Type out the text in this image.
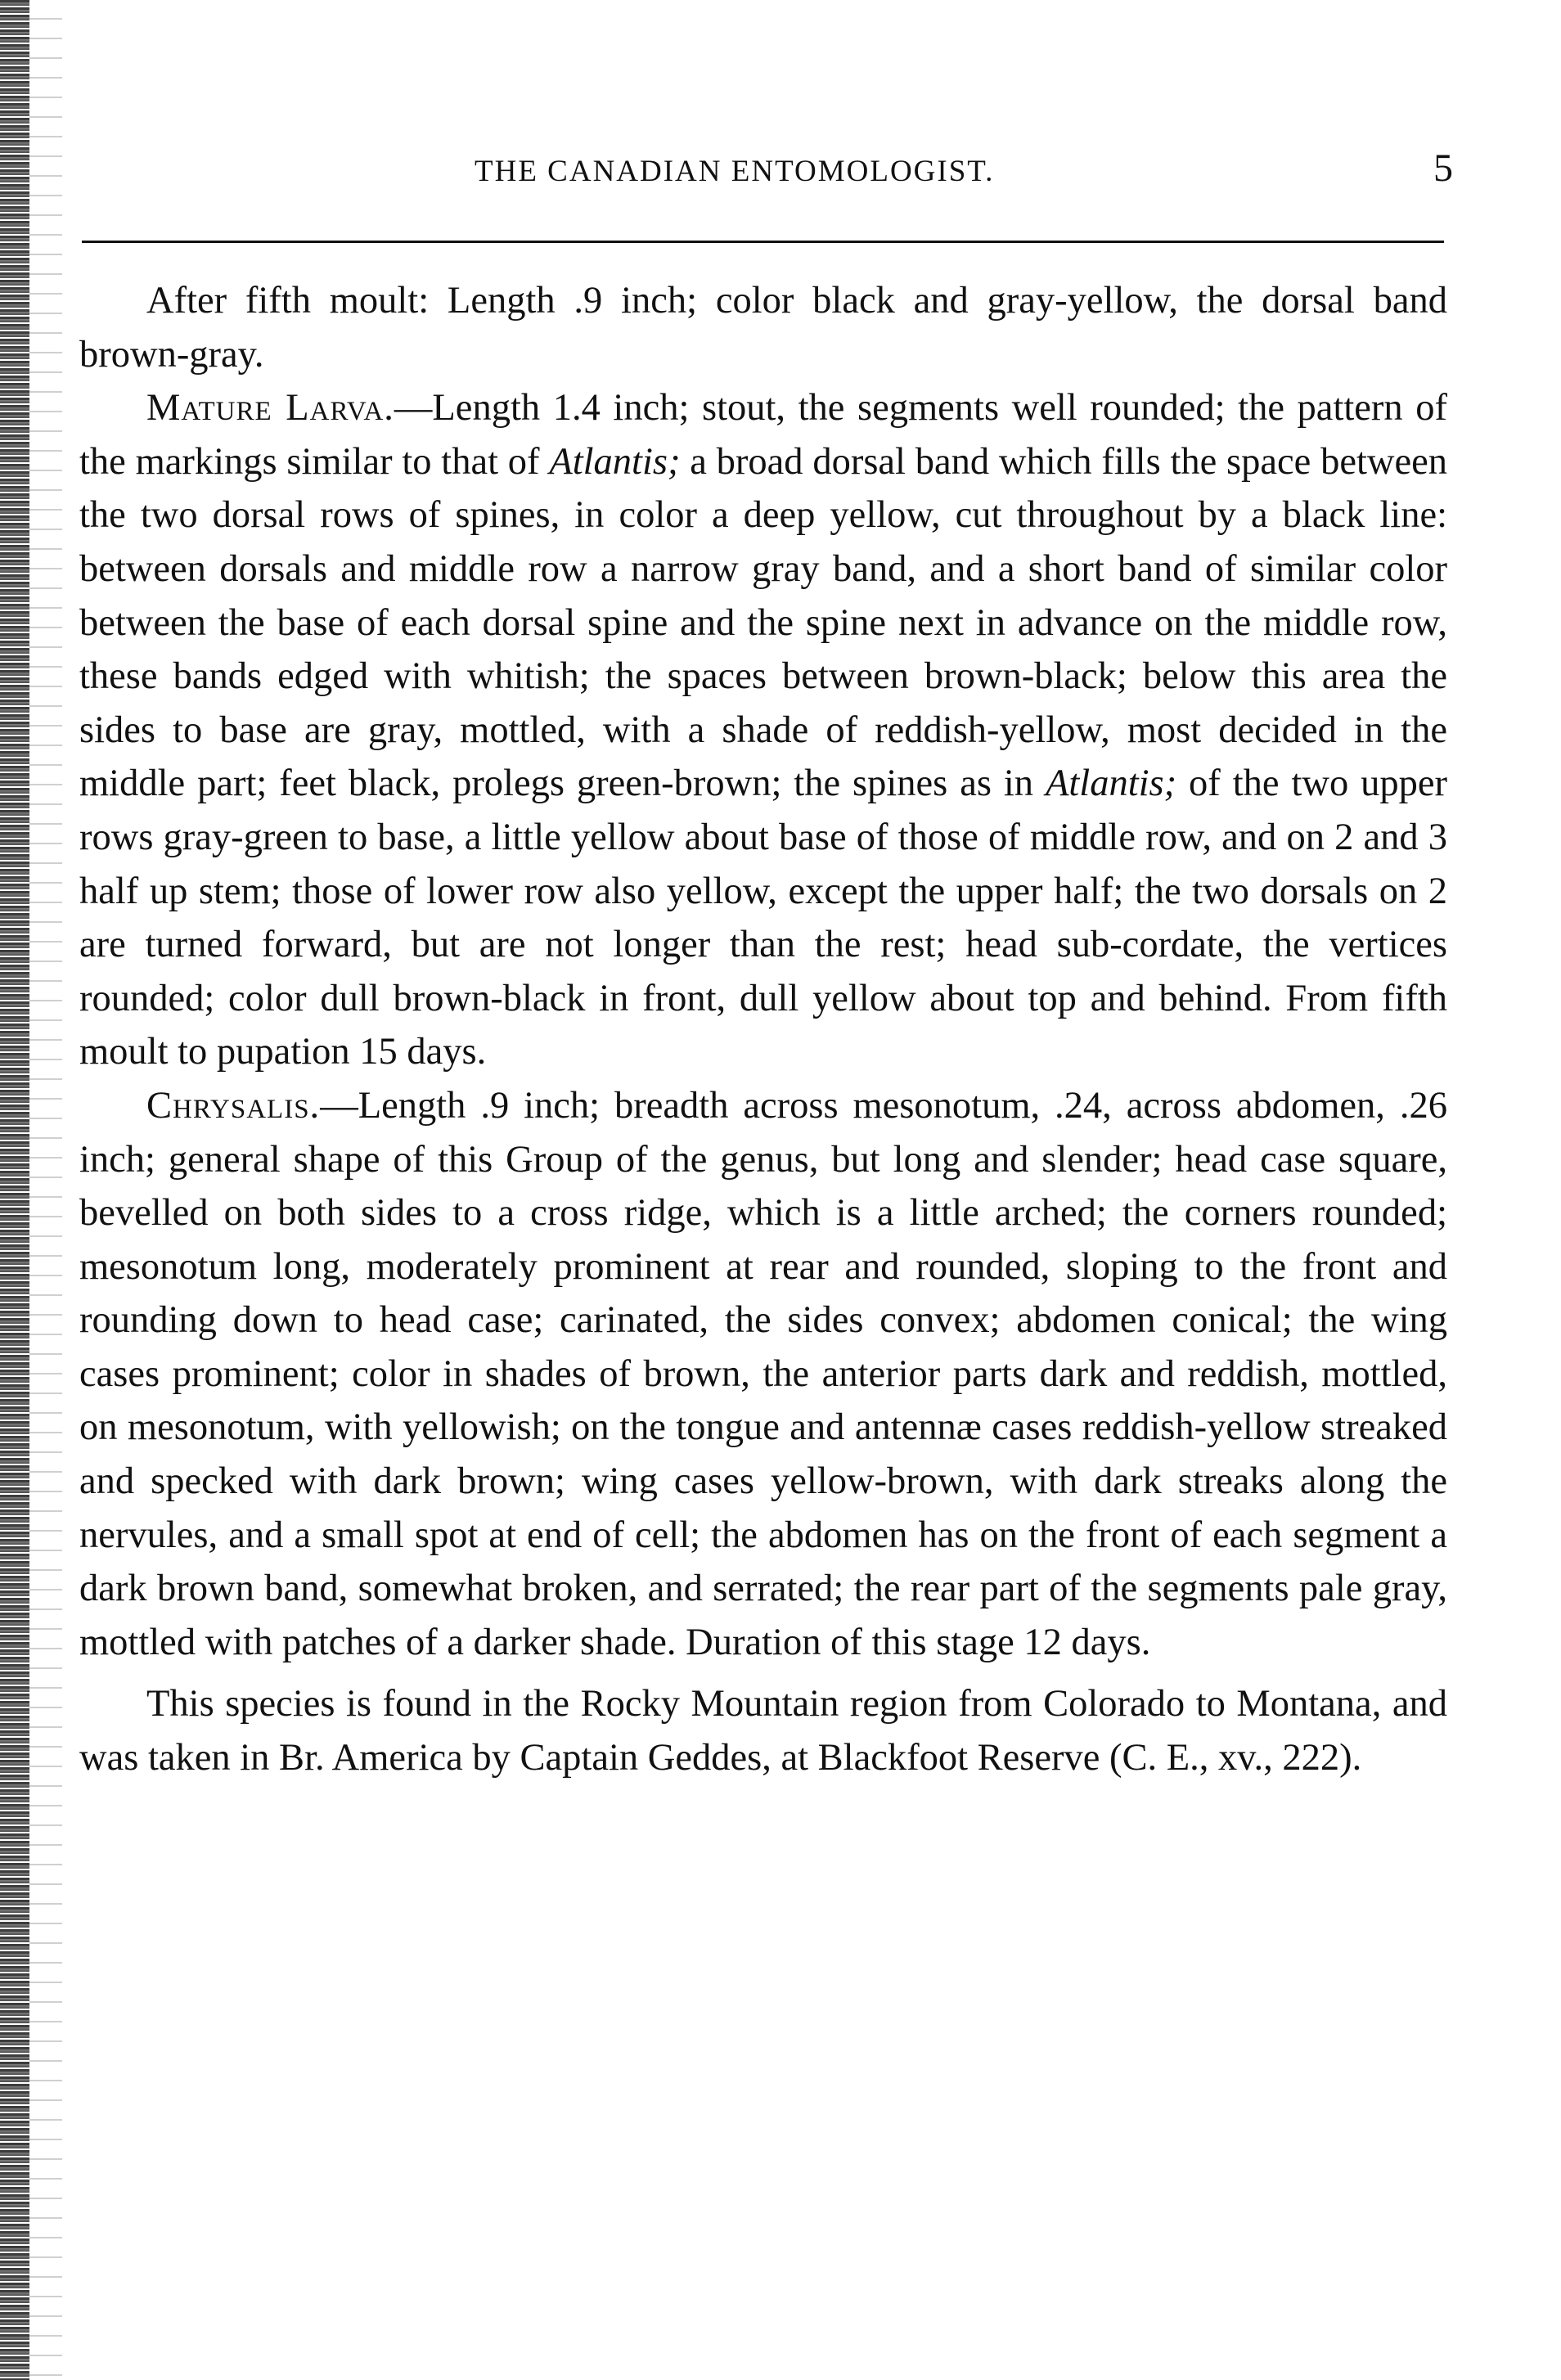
THE CANADIAN ENTOMOLOGIST.	5

After fifth moult: Length .9 inch; color black and gray-yellow, the dorsal band brown-gray.

Mature Larva.—Length 1.4 inch; stout, the segments well rounded; the pattern of the markings similar to that of Atlantis; a broad dorsal band which fills the space between the two dorsal rows of spines, in color a deep yellow, cut throughout by a black line: between dorsals and middle row a narrow gray band, and a short band of similar color between the base of each dorsal spine and the spine next in advance on the middle row, these bands edged with whitish; the spaces between brown-black; below this area the sides to base are gray, mottled, with a shade of reddish-yellow, most decided in the middle part; feet black, prolegs green-brown; the spines as in Atlantis; of the two upper rows gray-green to base, a little yellow about base of those of middle row, and on 2 and 3 half up stem; those of lower row also yellow, except the upper half; the two dorsals on 2 are turned forward, but are not longer than the rest; head sub-cordate, the vertices rounded; color dull brown-black in front, dull yellow about top and behind. From fifth moult to pupation 15 days.

Chrysalis.—Length .9 inch; breadth across mesonotum, .24, across abdomen, .26 inch; general shape of this Group of the genus, but long and slender; head case square, bevelled on both sides to a cross ridge, which is a little arched; the corners rounded; mesonotum long, moderately prominent at rear and rounded, sloping to the front and rounding down to head case; carinated, the sides convex; abdomen conical; the wing cases prominent; color in shades of brown, the anterior parts dark and reddish, mottled, on mesonotum, with yellowish; on the tongue and antennæ cases reddish-yellow streaked and specked with dark brown; wing cases yellow-brown, with dark streaks along the nervules, and a small spot at end of cell; the abdomen has on the front of each segment a dark brown band, somewhat broken, and serrated; the rear part of the segments pale gray, mottled with patches of a darker shade. Duration of this stage 12 days.

This species is found in the Rocky Mountain region from Colorado to Montana, and was taken in Br. America by Captain Geddes, at Blackfoot Reserve (C. E., xv., 222).
